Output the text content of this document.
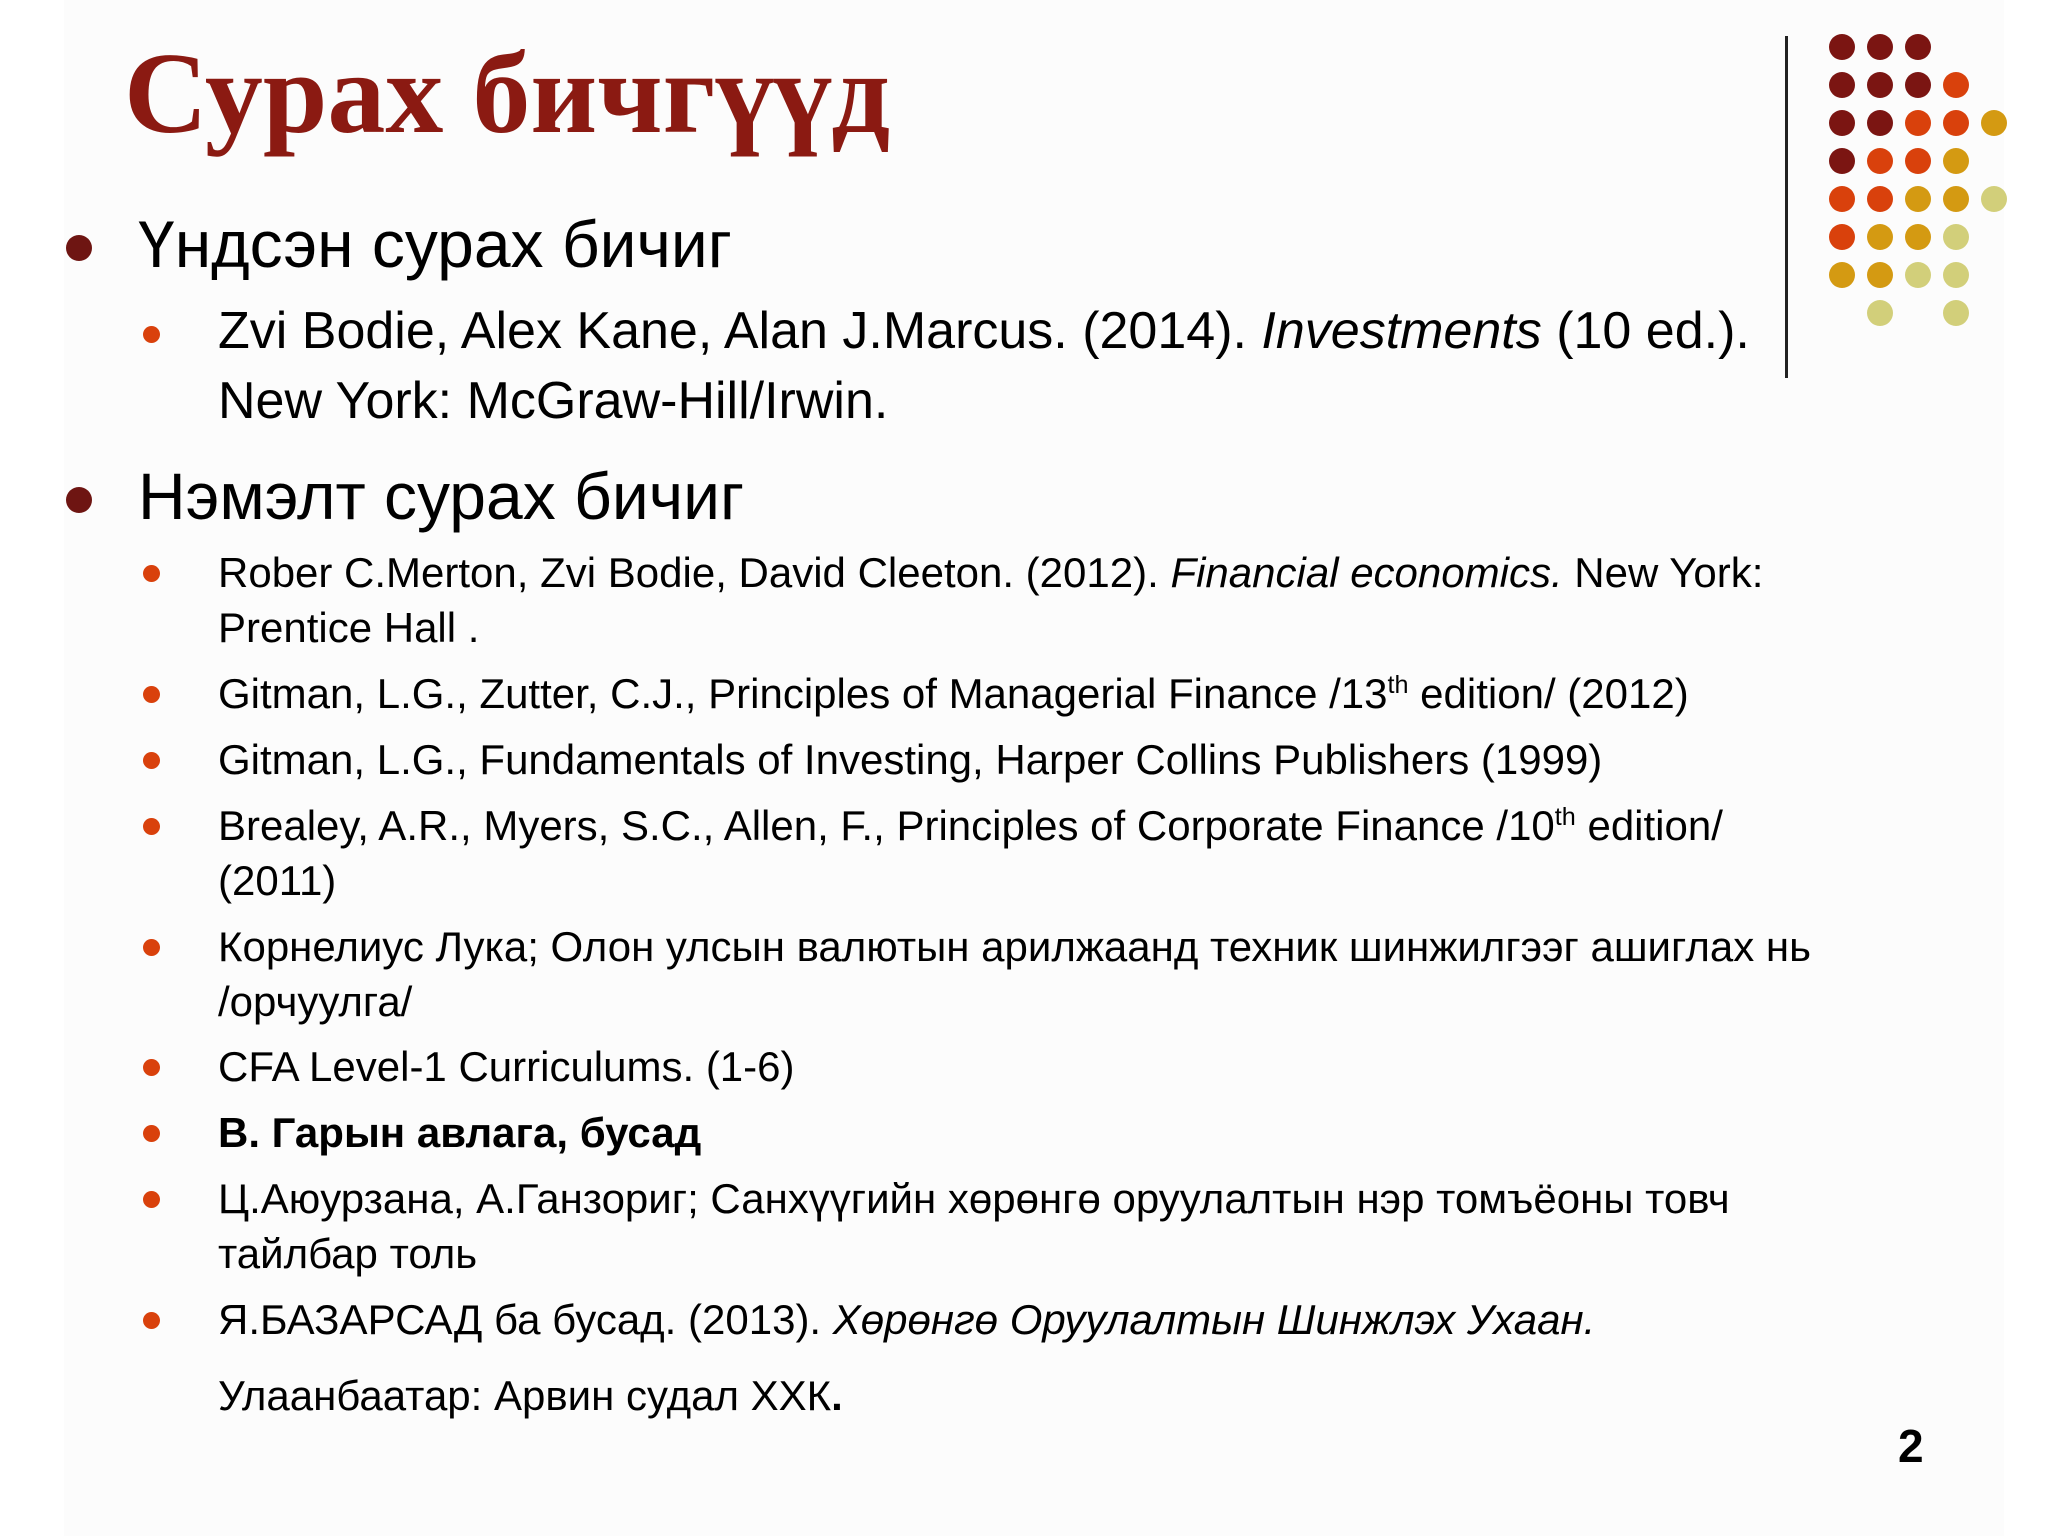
Сурах бичгүүд
Үндсэн сурах бичиг
Zvi Bodie, Alex Kane, Alan J.Marcus. (2014). Investments (10 ed.).
New York: McGraw-Hill/Irwin.
Нэмэлт сурах бичиг
Rober C.Merton, Zvi Bodie, David Cleeton. (2012). Financial economics. New York:
Prentice Hall .
Gitman, L.G., Zutter, C.J., Principles of Managerial Finance /13th edition/ (2012)
Gitman, L.G., Fundamentals of Investing, Harper Collins Publishers (1999)
Brealey, A.R., Myers, S.C., Allen, F., Principles of Corporate Finance /10th edition/
(2011)
Корнелиус Лука; Олон улсын валютын арилжаанд техник шинжилгээг ашиглах нь
/орчуулга/
CFA Level-1 Curriculums. (1-6)
B. Гарын авлага, бусад
Ц.Аюурзана, А.Ганзориг; Санхүүгийн хөрөнгө оруулалтын нэр томъёоны товч
тайлбар толь
Я.БАЗАРСАД ба бусад. (2013). Хөрөнгө Оруулалтын Шинжлэх Ухаан.
Улаанбаатар: Арвин судал ХХК.
2
